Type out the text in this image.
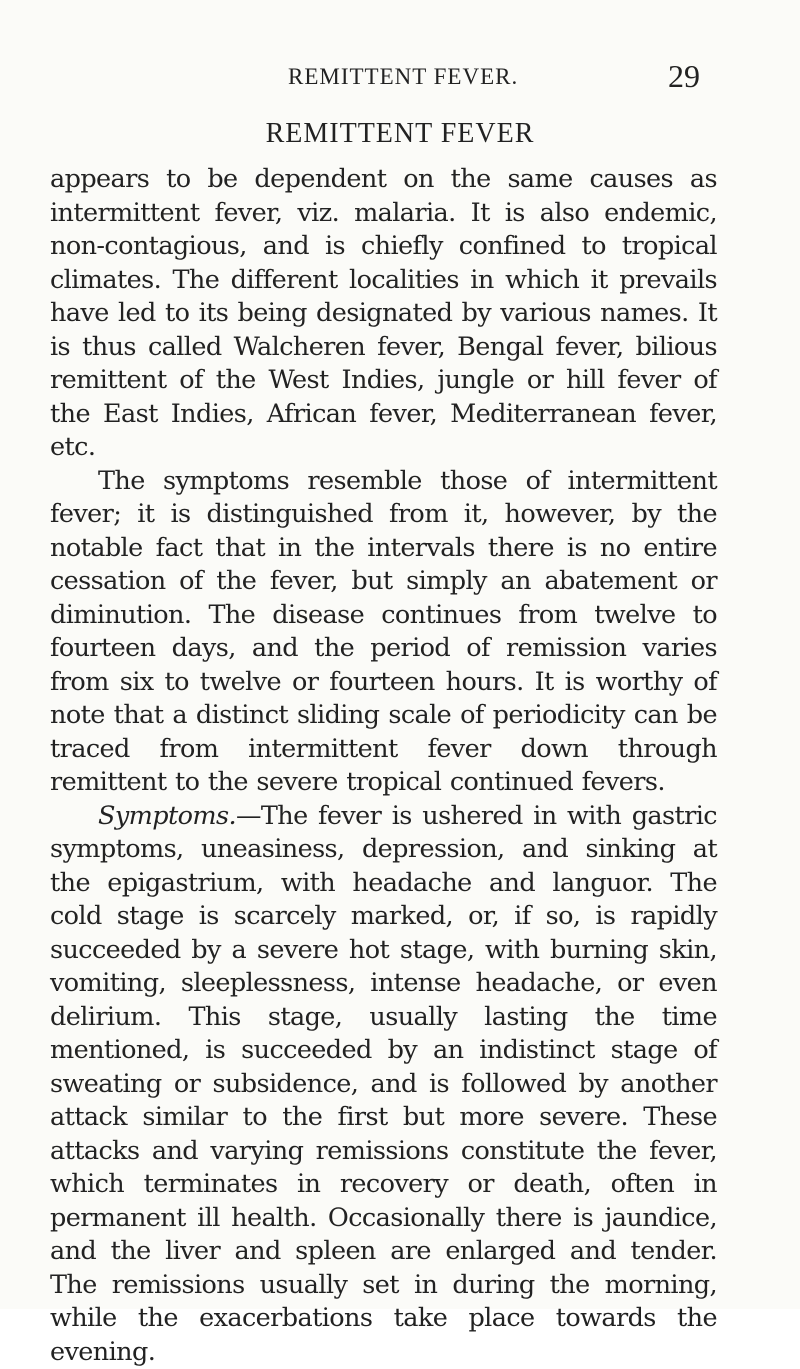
REMITTENT FEVER.	29
REMITTENT FEVER

appears to be dependent on the same causes as intermittent fever, viz. malaria. It is also endemic, non-contagious, and is chiefly confined to tropical climates. The different localities in which it prevails have led to its being designated by various names. It is thus called Walcheren fever, Bengal fever, bilious remittent of the West Indies, jungle or hill fever of the East Indies, African fever, Mediterranean fever, etc.

The symptoms resemble those of intermittent fever; it is distinguished from it, however, by the notable fact that in the intervals there is no entire cessation of the fever, but simply an abatement or diminution. The disease continues from twelve to fourteen days, and the period of remission varies from six to twelve or fourteen hours. It is worthy of note that a distinct sliding scale of periodicity can be traced from intermittent fever down through remittent to the severe tropical continued fevers.

Symptoms.—The fever is ushered in with gastric symptoms, uneasiness, depression, and sinking at the epigastrium, with headache and languor. The cold stage is scarcely marked, or, if so, is rapidly succeeded by a severe hot stage, with burning skin, vomiting, sleeplessness, intense headache, or even delirium. This stage, usually lasting the time mentioned, is succeeded by an indistinct stage of sweating or subsidence, and is followed by another attack similar to the first but more severe. These attacks and varying remissions constitute the fever, which terminates in recovery or death, often in permanent ill health. Occasionally there is jaundice, and the liver and spleen are enlarged and tender. The remissions usually set in during the morning, while the exacerbations take place towards the evening.
